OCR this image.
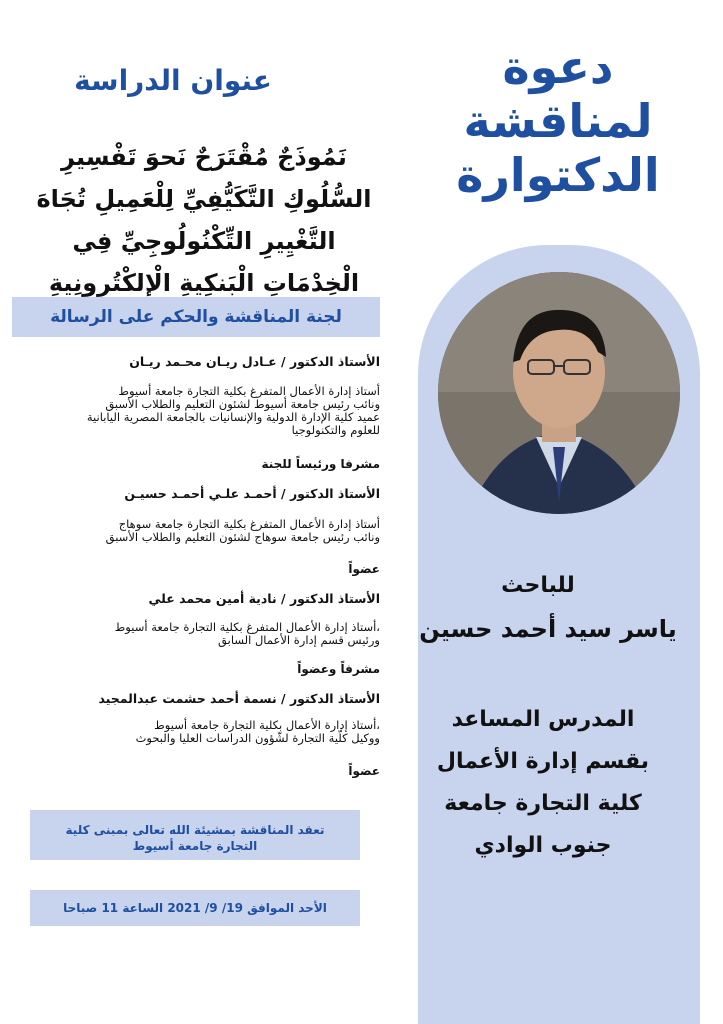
دعوة
لمناقشة
الدكتوارة
للباحث
ياسر سيد أحمد حسين
المدرس المساعد
بقسم إدارة الأعمال
كلية التجارة جامعة
جنوب الوادي
عنوان الدراسة
نَمُوذَجٌ مُقْتَرَحٌ نَحوَ تَفْسِيرِ
السُّلُوكِ التَّكَيُّفِيِّ لِلْعَمِيلِ تُجَاهَ
التَّغْيِيرِ التِّكْنُولُوجِيِّ فِي
الْخِدْمَاتِ الْبَنكِيةِ الْإِلكْتُرونِيةِ
لجنة المناقشة والحكم على الرسالة
الأستاذ الدكتور / عـادل ريـان محـمد ريـان
أستاذ إدارة الأعمال المتفرغ بكلية التجارة جامعة أسيوط
ونائب رئيس جامعة أسيوط لشئون التعليم والطلاب الأسبق
عميد كلية الإدارة الدولية والإنسانيات بالجامعة المصرية اليابانية
للعلوم والتكنولوجيا
مشرفا ورئيساً للجنة
الأستاذ الدكتور / أحمـد علـي أحمـد حسيـن
أستاذ إدارة الأعمال المتفرغ بكلية التجارة جامعة سوهاج
ونائب رئيس جامعة سوهاج لشئون التعليم والطلاب الأسبق
عضواً
الأستاذ الدكتور / نادية أمين محمد علي
،أستاذ إدارة الأعمال المتفرغ بكلية التجارة جامعة أسيوط
ورئيس قسم إدارة الأعمال السابق
مشرفاً وعضواً
الأستاذ الدكتور / نسمة أحمد حشمت عبدالمجيد
،أستاذ إدارة الأعمال بكلية التجارة جامعة أسيوط
ووكيل كلّية التجارة لشّؤون الدراسات العليا والبحوث
عضواً
تعقد المناقشة بمشيئة الله تعالى بمبنى كلية التجارة جامعة أسيوط
الأحد الموافق 19/ 9/ 2021 الساعة 11 صباحا
